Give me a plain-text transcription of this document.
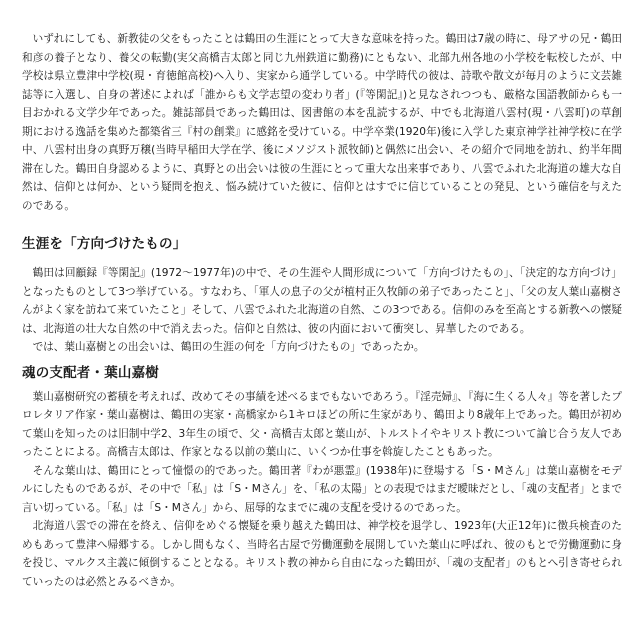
いずれにしても、新教徒の父をもったことは鶴田の生涯にとって大きな意味を持った。鶴田は7歳の時に、母アサの兄・鶴田和彦の養子となり、養父の転勤(実父高橋吉太郎と同じ九州鉄道に勤務)にともない、北部九州各地の小学校を転校したが、中学校は県立豊津中学校(現・育徳館高校)へ入り、実家から通学している。中学時代の彼は、詩歌や散文が毎月のように文芸雑誌等に入選し、自身の著述によれば「誰からも文学志望の変わり者」(『等閑記』)と見なされつつも、厳格な国語教師からも一目おかれる文学少年であった。雑誌部員であった鶴田は、図書館の本を乱読するが、中でも北海道八雲村(現・八雲町)の草創期における逸話を集めた都築省三『村の創業』に感銘を受けている。中学卒業(1920年)後に入学した東京神学社神学校に在学中、八雲村出身の真野万穣(当時早稲田大学在学、後にメソジスト派牧師)と偶然に出会い、その紹介で同地を訪れ、約半年間滞在した。鶴田自身認めるように、真野との出会いは彼の生涯にとって重大な出来事であり、八雲でふれた北海道の雄大な自然は、信仰とは何か、という疑問を抱え、悩み続けていた彼に、信仰とはすでに信じていることの発見、という確信を与えたのである。

生涯を「方向づけたもの」

鶴田は回顧録『等閑記』(1972〜1977年)の中で、その生涯や人間形成について「方向づけたもの」、「決定的な方向づけ」となったものとして3つ挙げている。すなわち、「軍人の息子の父が植村正久牧師の弟子であったこと」、「父の友人葉山嘉樹さんがよく家を訪ねて来ていたこと」そして、八雲でふれた北海道の自然、この3つである。信仰のみを至高とする新教への懐疑は、北海道の壮大な自然の中で消え去った。信仰と自然は、彼の内面において衝突し、昇華したのである。

では、葉山嘉樹との出会いは、鶴田の生涯の何を「方向づけたもの」であったか。

魂の支配者・葉山嘉樹

葉山嘉樹研究の蓄積を考えれば、改めてその事績を述べるまでもないであろう。『淫売婦』、『海に生くる人々』等を著したプロレタリア作家・葉山嘉樹は、鶴田の実家・高橋家から1キロほどの所に生家があり、鶴田より8歳年上であった。鶴田が初めて葉山を知ったのは旧制中学2、3年生の頃で、父・高橋吉太郎と葉山が、トルストイやキリスト教について論じ合う友人であったことによる。高橋吉太郎は、作家となる以前の葉山に、いくつか仕事を斡旋したこともあった。

そんな葉山は、鶴田にとって憧憬の的であった。鶴田著『わが悪霊』(1938年)に登場する「S・Mさん」は葉山嘉樹をモデルにしたものであるが、その中で「私」は「S・Mさん」を、「私の太陽」との表現ではまだ曖昧だとし、「魂の支配者」とまで言い切っている。「私」は「S・Mさん」から、屈辱的なまでに魂の支配を受けるのであった。

北海道八雲での滞在を終え、信仰をめぐる懐疑を乗り越えた鶴田は、神学校を退学し、1923年(大正12年)に徴兵検査のためもあって豊津へ帰郷する。しかし間もなく、当時名古屋で労働運動を展開していた葉山に呼ばれ、彼のもとで労働運動に身を投じ、マルクス主義に傾倒することとなる。キリスト教の神から自由になった鶴田が、「魂の支配者」のもとへ引き寄せられていったのは必然とみるべきか。
